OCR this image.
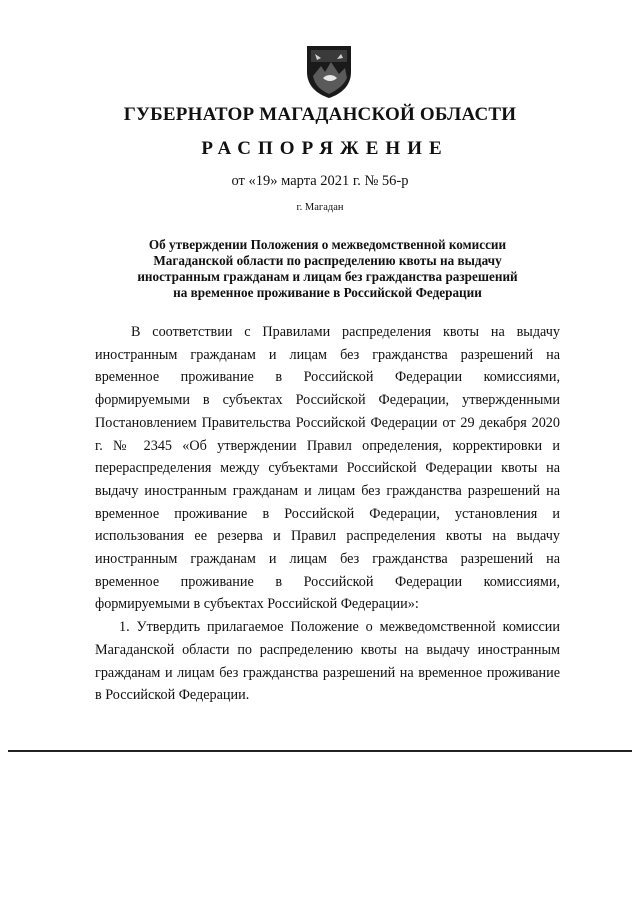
ГУБЕРНАТОР МАГАДАНСКОЙ ОБЛАСТИ
РАСПОРЯЖЕНИЕ
от «19» марта 2021 г. № 56-р
г. Магадан
Об утверждении Положения о межведомственной комиссии
Магаданской области по распределению квоты на выдачу
иностранным гражданам и лицам без гражданства разрешений
на временное проживание в Российской Федерации

В соответствии с Правилами распределения квоты на выдачу иностранным гражданам и лицам без гражданства разрешений на временное проживание в Российской Федерации комиссиями, формируемыми в субъектах Российской Федерации, утвержденными Постановлением Правительства Российской Федерации от 29 декабря 2020 г. № 2345 «Об утверждении Правил определения, корректировки и перераспределения между субъектами Российской Федерации квоты на выдачу иностранным гражданам и лицам без гражданства разрешений на временное проживание в Российской Федерации, установления и использования ее резерва и Правил распределения квоты на выдачу иностранным гражданам и лицам без гражданства разрешений на временное проживание в Российской Федерации комиссиями, формируемыми в субъектах Российской Федерации»:

1. Утвердить прилагаемое Положение о межведомственной комиссии Магаданской области по распределению квоты на выдачу иностранным гражданам и лицам без гражданства разрешений на временное проживание в Российской Федерации.
